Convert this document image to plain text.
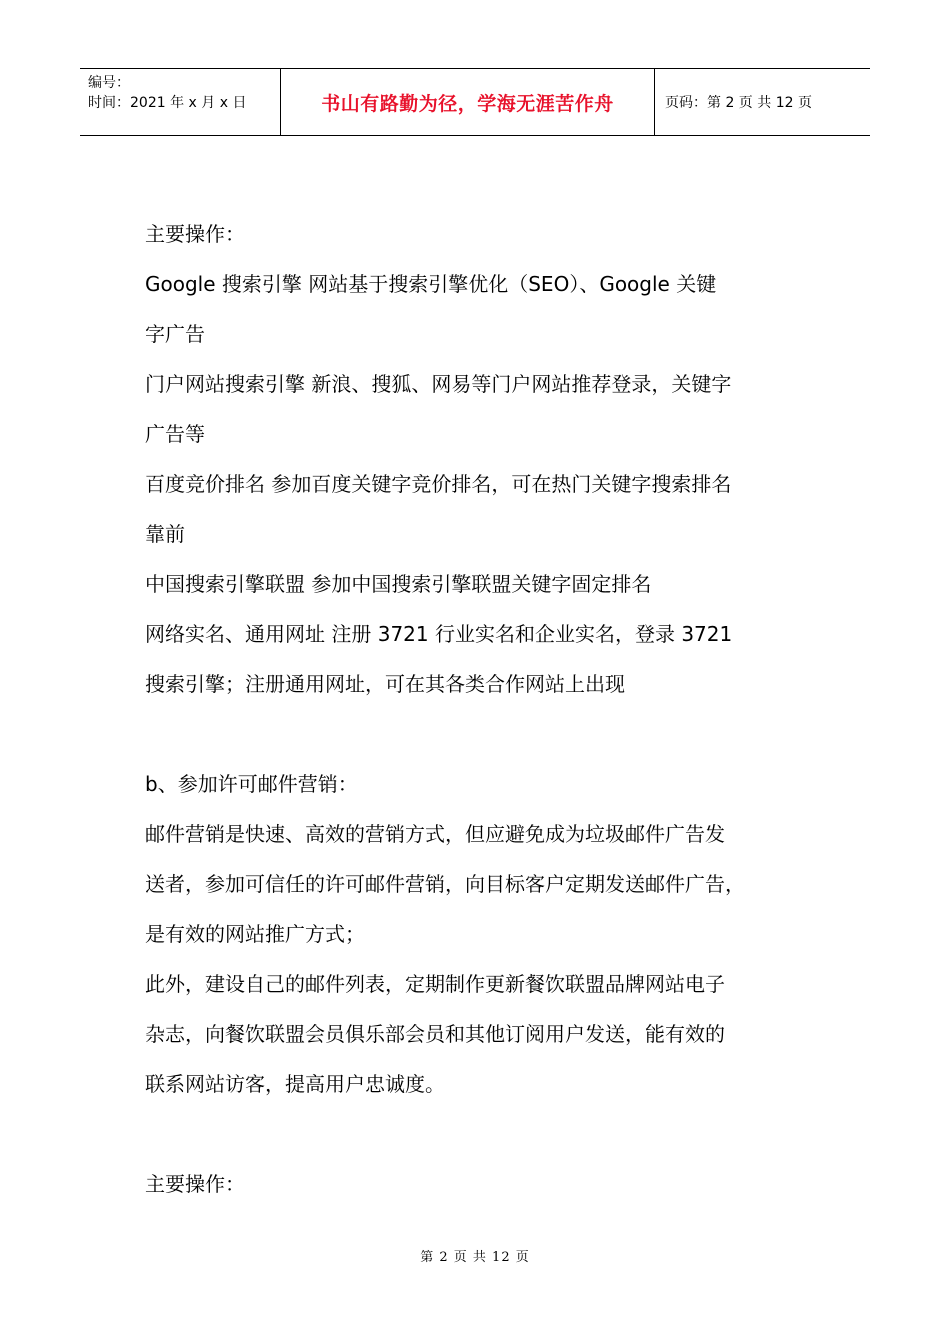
编号：
时间：2021 年 x 月 x 日	书山有路勤为径，学海无涯苦作舟	页码：第 2 页 共 12 页
主要操作：
Google 搜索引擎 网站基于搜索引擎优化（SEO）、Google 关键
字广告
门户网站搜索引擎 新浪、搜狐、网易等门户网站推荐登录，关键字
广告等
百度竞价排名 参加百度关键字竞价排名，可在热门关键字搜索排名
靠前
中国搜索引擎联盟 参加中国搜索引擎联盟关键字固定排名
网络实名、通用网址 注册 3721 行业实名和企业实名，登录 3721
搜索引擎；注册通用网址，可在其各类合作网站上出现
b、参加许可邮件营销：
邮件营销是快速、高效的营销方式，但应避免成为垃圾邮件广告发
送者，参加可信任的许可邮件营销，向目标客户定期发送邮件广告，
是有效的网站推广方式；
此外，建设自己的邮件列表，定期制作更新餐饮联盟品牌网站电子
杂志，向餐饮联盟会员俱乐部会员和其他订阅用户发送，能有效的
联系网站访客，提高用户忠诚度。
主要操作：
第 2 页 共 12 页
